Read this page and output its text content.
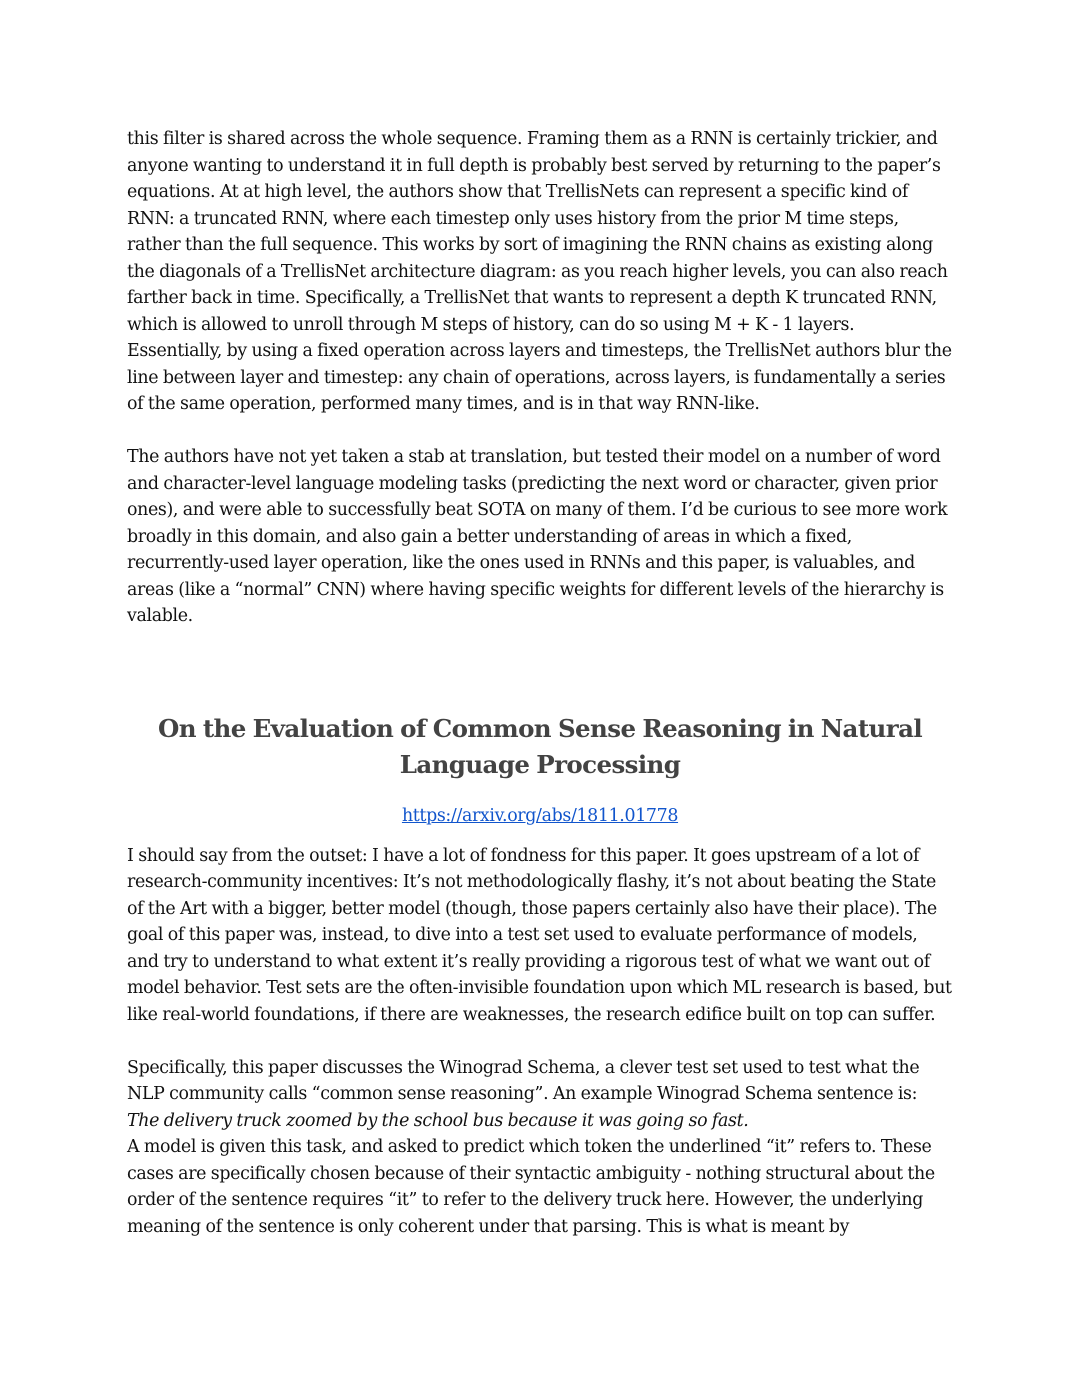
this filter is shared across the whole sequence. Framing them as a RNN is certainly trickier, and anyone wanting to understand it in full depth is probably best served by returning to the paper’s equations. At at high level, the authors show that TrellisNets can represent a specific kind of RNN: a truncated RNN, where each timestep only uses history from the prior M time steps, rather than the full sequence. This works by sort of imagining the RNN chains as existing along the diagonals of a TrellisNet architecture diagram: as you reach higher levels, you can also reach farther back in time. Specifically, a TrellisNet that wants to represent a depth K truncated RNN, which is allowed to unroll through M steps of history, can do so using M + K - 1 layers. Essentially, by using a fixed operation across layers and timesteps, the TrellisNet authors blur the line between layer and timestep: any chain of operations, across layers, is fundamentally a series of the same operation, performed many times, and is in that way RNN-like.

The authors have not yet taken a stab at translation, but tested their model on a number of word and character-level language modeling tasks (predicting the next word or character, given prior ones), and were able to successfully beat SOTA on many of them. I’d be curious to see more work broadly in this domain, and also gain a better understanding of areas in which a fixed, recurrently-used layer operation, like the ones used in RNNs and this paper, is valuables, and areas (like a “normal” CNN) where having specific weights for different levels of the hierarchy is valable.

On the Evaluation of Common Sense Reasoning in Natural Language Processing
https://arxiv.org/abs/1811.01778

I should say from the outset: I have a lot of fondness for this paper. It goes upstream of a lot of research-community incentives: It’s not methodologically flashy, it’s not about beating the State of the Art with a bigger, better model (though, those papers certainly also have their place). The goal of this paper was, instead, to dive into a test set used to evaluate performance of models, and try to understand to what extent it’s really providing a rigorous test of what we want out of model behavior. Test sets are the often-invisible foundation upon which ML research is based, but like real-world foundations, if there are weaknesses, the research edifice built on top can suffer.

Specifically, this paper discusses the Winograd Schema, a clever test set used to test what the NLP community calls “common sense reasoning”. An example Winograd Schema sentence is:

The delivery truck zoomed by the school bus because it was going so fast.

A model is given this task, and asked to predict which token the underlined “it” refers to. These cases are specifically chosen because of their syntactic ambiguity - nothing structural about the order of the sentence requires “it” to refer to the delivery truck here. However, the underlying meaning of the sentence is only coherent under that parsing. This is what is meant by
